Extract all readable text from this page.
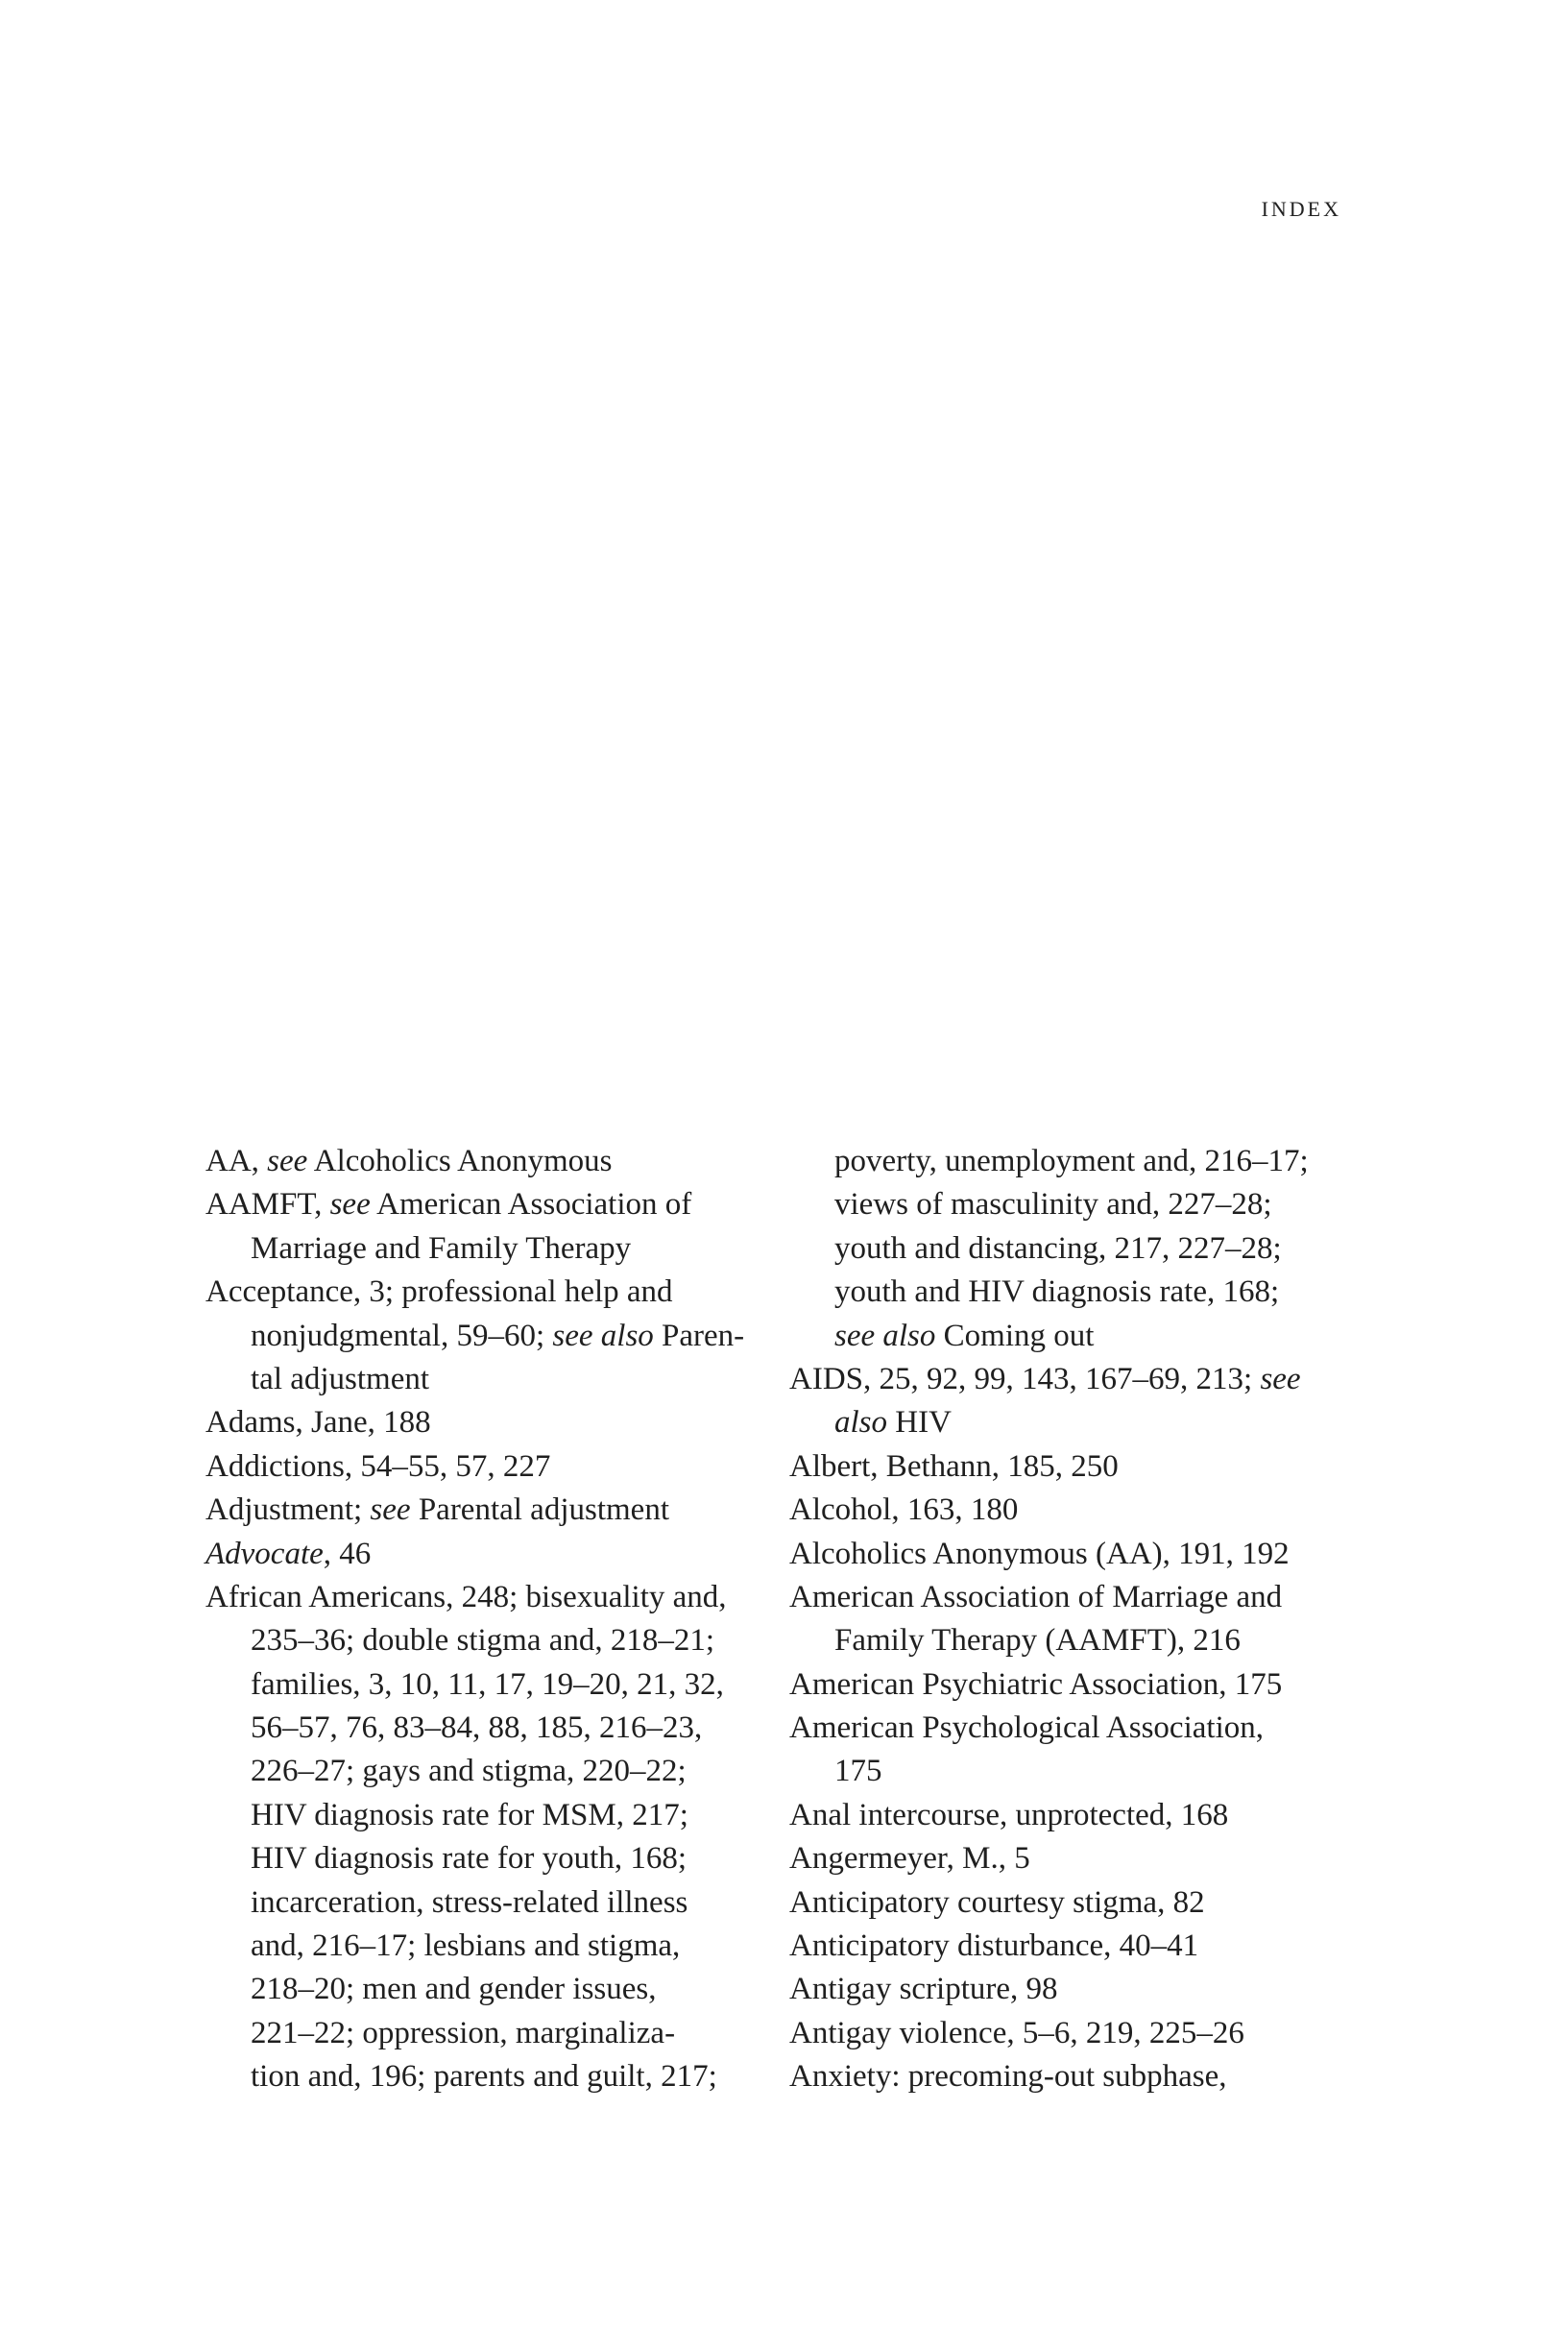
index
AA, see Alcoholics Anonymous
AAMFT, see American Association of
Marriage and Family Therapy
Acceptance, 3; professional help and
nonjudgmental, 59–60; see also Paren-
tal adjustment
Adams, Jane, 188
Addictions, 54–55, 57, 227
Adjustment; see Parental adjustment
Advocate, 46
African Americans, 248; bisexuality and,
235–36; double stigma and, 218–21;
families, 3, 10, 11, 17, 19–20, 21, 32,
56–57, 76, 83–84, 88, 185, 216–23,
226–27; gays and stigma, 220–22;
HIV diagnosis rate for MSM, 217;
HIV diagnosis rate for youth, 168;
incarceration, stress-related illness
and, 216–17; lesbians and stigma,
218–20; men and gender issues,
221–22; oppression, marginaliza-
tion and, 196; parents and guilt, 217;
poverty, unemployment and, 216–17;
views of masculinity and, 227–28;
youth and distancing, 217, 227–28;
youth and HIV diagnosis rate, 168;
see also Coming out
AIDS, 25, 92, 99, 143, 167–69, 213; see
also HIV
Albert, Bethann, 185, 250
Alcohol, 163, 180
Alcoholics Anonymous (AA), 191, 192
American Association of Marriage and
Family Therapy (AAMFT), 216
American Psychiatric Association, 175
American Psychological Association,
175
Anal intercourse, unprotected, 168
Angermeyer, M., 5
Anticipatory courtesy stigma, 82
Anticipatory disturbance, 40–41
Antigay scripture, 98
Antigay violence, 5–6, 219, 225–26
Anxiety: precoming-out subphase,
